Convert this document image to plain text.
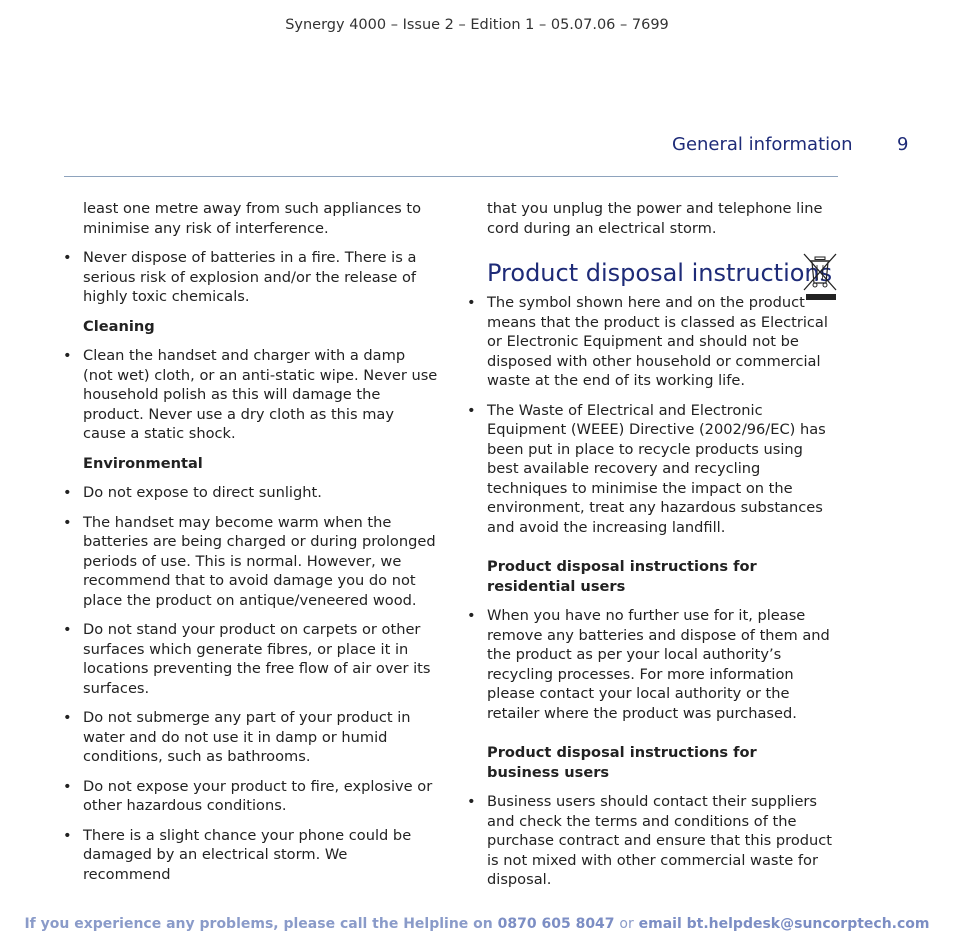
Synergy 4000 – Issue 2 – Edition 1 – 05.07.06 – 7699
General information 9

least one metre away from such appliances to minimise any risk of interference.

• Never dispose of batteries in a fire. There is a serious risk of explosion and/or the release of highly toxic chemicals.

Cleaning

• Clean the handset and charger with a damp (not wet) cloth, or an anti-static wipe. Never use household polish as this will damage the product. Never use a dry cloth as this may cause a static shock.

Environmental

• Do not expose to direct sunlight.

• The handset may become warm when the batteries are being charged or during prolonged periods of use. This is normal. However, we recommend that to avoid damage you do not place the product on antique/veneered wood.

• Do not stand your product on carpets or other surfaces which generate fibres, or place it in locations preventing the free flow of air over its surfaces.

• Do not submerge any part of your product in water and do not use it in damp or humid conditions, such as bathrooms.

• Do not expose your product to fire, explosive or other hazardous conditions.

• There is a slight chance your phone could be damaged by an electrical storm. We recommend

that you unplug the power and telephone line cord during an electrical storm.

Product disposal instructions
• The symbol shown here and on the product means that the product is classed as Electrical or Electronic Equipment and should not be disposed with other household or commercial waste at the end of its working life.

• The Waste of Electrical and Electronic Equipment (WEEE) Directive (2002/96/EC) has been put in place to recycle products using best available recovery and recycling techniques to minimise the impact on the environment, treat any hazardous substances and avoid the increasing landfill.

Product disposal instructions for
residential users

• When you have no further use for it, please remove any batteries and dispose of them and the product as per your local authority’s recycling processes. For more information please contact your local authority or the retailer where the product was purchased.

Product disposal instructions for
business users

• Business users should contact their suppliers and check the terms and conditions of the purchase contract and ensure that this product is not mixed with other commercial waste for disposal.

If you experience any problems, please call the Helpline on 0870 605 8047 or email bt.helpdesk@suncorptech.com
